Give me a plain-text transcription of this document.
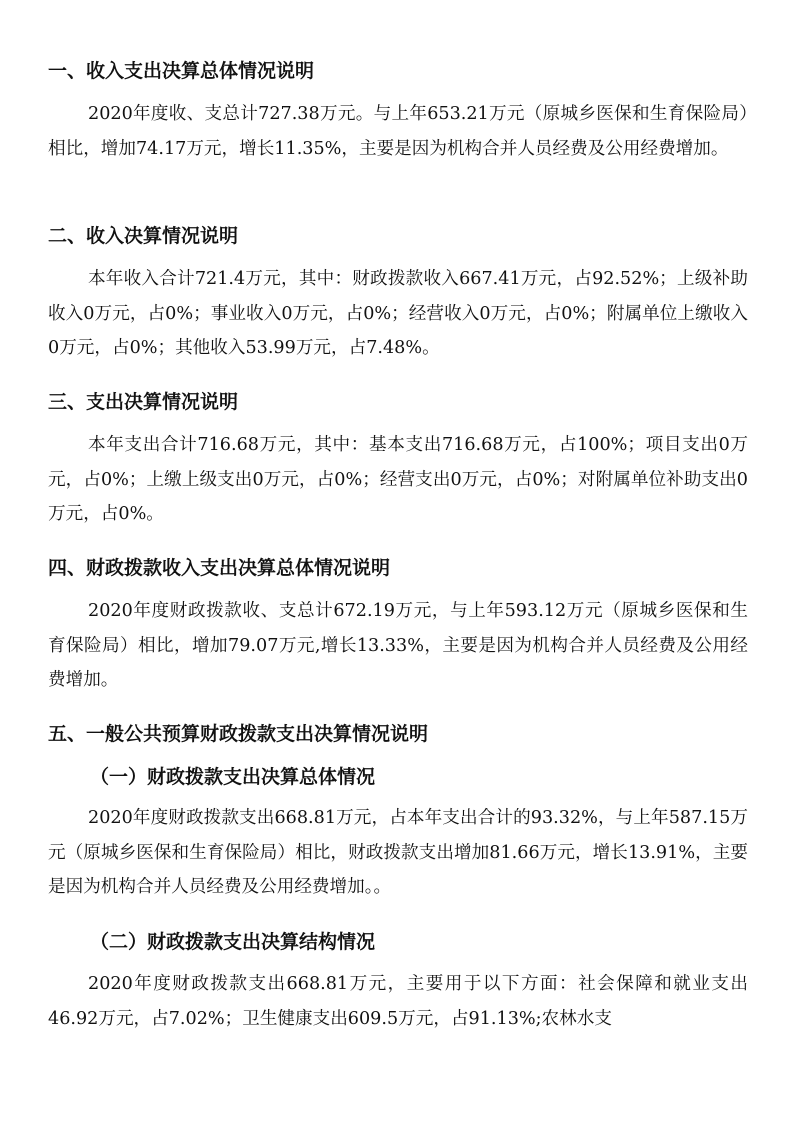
一、收入支出决算总体情况说明

2020年度收、支总计727.38万元。与上年653.21万元（原城乡医保和生育保险局）相比，增加74.17万元，增长11.35%，主要是因为机构合并人员经费及公用经费增加。

二、收入决算情况说明

本年收入合计721.4万元，其中：财政拨款收入667.41万元，占92.52%；上级补助收入0万元，占0%；事业收入0万元，占0%；经营收入0万元，占0%；附属单位上缴收入0万元，占0%；其他收入53.99万元，占7.48%。

三、支出决算情况说明

本年支出合计716.68万元，其中：基本支出716.68万元，占100%；项目支出0万元，占0%；上缴上级支出0万元，占0%；经营支出0万元，占0%；对附属单位补助支出0万元，占0%。

四、财政拨款收入支出决算总体情况说明

2020年度财政拨款收、支总计672.19万元，与上年593.12万元（原城乡医保和生育保险局）相比，增加79.07万元,增长13.33%，主要是因为机构合并人员经费及公用经费增加。

五、一般公共预算财政拨款支出决算情况说明
（一）财政拨款支出决算总体情况

2020年度财政拨款支出668.81万元，占本年支出合计的93.32%，与上年587.15万元（原城乡医保和生育保险局）相比，财政拨款支出增加81.66万元，增长13.91%，主要是因为机构合并人员经费及公用经费增加。。

（二）财政拨款支出决算结构情况

2020年度财政拨款支出668.81万元，主要用于以下方面：社会保障和就业支出46.92万元，占7.02%；卫生健康支出609.5万元，占91.13%;农林水支
